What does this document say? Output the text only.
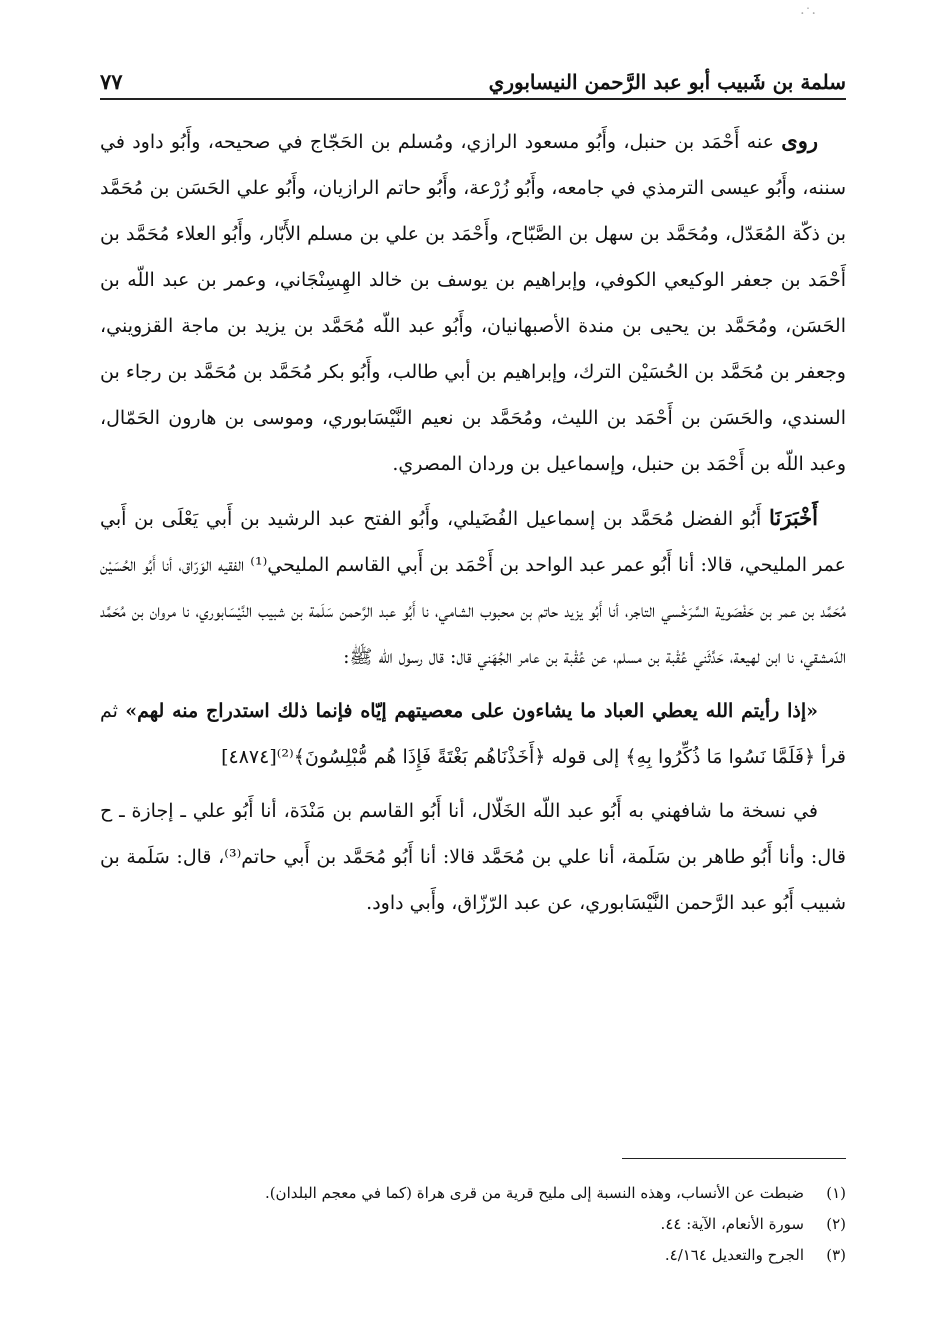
·˙·
٧٧	سلمة بن شَبيب أبو عبد الرَّحمن النيسابوري

روى عنه أَحْمَد بن حنبل، وأَبُو مسعود الرازي، ومُسلم بن الحَجّاج في صحيحه، وأَبُو داود في سننه، وأَبُو عيسى الترمذي في جامعه، وأَبُو زُرْعة، وأَبُو حاتم الرازيان، وأَبُو علي الحَسَن بن مُحَمَّد بن ذكّة المُعَدّل، ومُحَمَّد بن سهل بن الصَّبّاح، وأَحْمَد بن علي بن مسلم الأَبّار، وأَبُو العلاء مُحَمَّد بن أَحْمَد بن جعفر الوكيعي الكوفي، وإبراهيم بن يوسف بن خالد الهِسِنْجَاني، وعمر بن عبد اللّه بن الحَسَن، ومُحَمَّد بن يحيى بن مندة الأصبهانيان، وأَبُو عبد اللّه مُحَمَّد بن يزيد بن ماجة القزويني، وجعفر بن مُحَمَّد بن الحُسَيْن الترك، وإبراهيم بن أبي طالب، وأَبُو بكر مُحَمَّد بن مُحَمَّد بن رجاء بن السندي، والحَسَن بن أَحْمَد بن الليث، ومُحَمَّد بن نعيم النَّيْسَابوري، وموسى بن هارون الحَمّال، وعبد اللّه بن أَحْمَد بن حنبل، وإسماعيل بن وردان المصري.

أَخْبَرَنَا أَبُو الفضل مُحَمَّد بن إسماعيل الفُضَيلي، وأَبُو الفتح عبد الرشيد بن أَبي يَعْلَى بن أَبي عمر المليحي، قالا: أنا أَبُو عمر عبد الواحد بن أَحْمَد بن أَبي القاسم المليحي⁽¹⁾ الفقيه الوَرّاق، أنا أَبُو الحُسَيْن مُحَمَّد بن عمر بن حَفْصَوية السَّرَخْسي التاجر، أنا أَبُو يزيد حاتم بن محبوب الشامي، نا أَبُو عبد الرَّحمن سَلَمة بن شبيب النَّيْسَابوري، نا مروان بن مُحَمَّد الدّمشقي، نا ابن لهيعة، حَدَّثَني عُقْبة بن مسلم، عن عُقْبة بن عامر الجُهَني قال: قال رسول الله ﷺ:

«إذا رأيتم الله يعطي العباد ما يشاءون على معصيتهم إيّاه فإنما ذلك استدراج منه لهم» ثم قرأ ﴿فَلَمَّا نَسُوا مَا ذُكِّرُوا بِهِ﴾ إلى قوله ﴿أَخَذْنَاهُم بَغْتَةً فَإِذَا هُم مُّبْلِسُونَ﴾⁽²⁾[٤٨٧٤]

في نسخة ما شافهني به أَبُو عبد اللّه الخَلّال، أنا أَبُو القاسم بن مَنْدَة، أنا أَبُو علي ـ إجازة ـ ح قال: وأنا أَبُو طاهر بن سَلَمة، أنا علي بن مُحَمَّد قالا: أنا أَبُو مُحَمَّد بن أَبي حاتم⁽³⁾، قال: سَلَمة بن شبيب أَبُو عبد الرَّحمن النَّيْسَابوري، عن عبد الرّزّاق، وأَبي داود.

(١)
ضبطت عن الأنساب، وهذه النسبة إلى مليح قرية من قرى هراة (كما في معجم البلدان).
(٢)
سورة الأنعام، الآية: ٤٤.
(٣)
الجرح والتعديل ٤/١٦٤.
